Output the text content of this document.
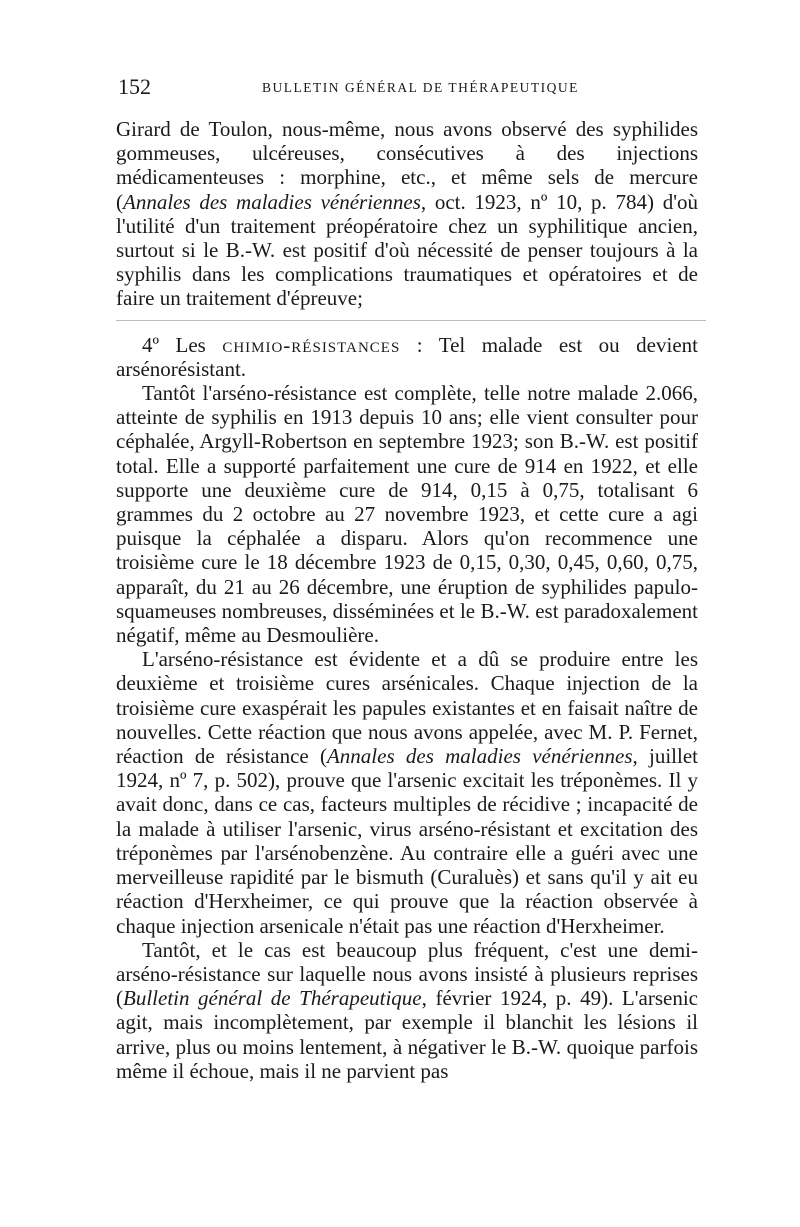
152	BULLETIN GÉNÉRAL DE THÉRAPEUTIQUE

Girard de Toulon, nous-même, nous avons observé des syphilides gommeuses, ulcéreuses, consécutives à des injections médicamenteuses : morphine, etc., et même sels de mercure (Annales des maladies vénériennes, oct. 1923, nº 10, p. 784) d'où l'utilité d'un traitement préopératoire chez un syphilitique ancien, surtout si le B.-W. est positif d'où nécessité de penser toujours à la syphilis dans les complications traumatiques et opératoires et de faire un traitement d'épreuve;

4º Les chimio-résistances : Tel malade est ou devient arsénorésistant.

Tantôt l'arséno-résistance est complète, telle notre malade 2.066, atteinte de syphilis en 1913 depuis 10 ans; elle vient consulter pour céphalée, Argyll-Robertson en septembre 1923; son B.-W. est positif total. Elle a supporté parfaitement une cure de 914 en 1922, et elle supporte une deuxième cure de 914, 0,15 à 0,75, totalisant 6 grammes du 2 octobre au 27 novembre 1923, et cette cure a agi puisque la céphalée a disparu. Alors qu'on recommence une troisième cure le 18 décembre 1923 de 0,15, 0,30, 0,45, 0,60, 0,75, apparaît, du 21 au 26 décembre, une éruption de syphilides papulo-squameuses nombreuses, disséminées et le B.-W. est paradoxalement négatif, même au Desmoulière.

L'arséno-résistance est évidente et a dû se produire entre les deuxième et troisième cures arsénicales. Chaque injection de la troisième cure exaspérait les papules existantes et en faisait naître de nouvelles. Cette réaction que nous avons appelée, avec M. P. Fernet, réaction de résistance (Annales des maladies vénériennes, juillet 1924, nº 7, p. 502), prouve que l'arsenic excitait les tréponèmes. Il y avait donc, dans ce cas, facteurs multiples de récidive ; incapacité de la malade à utiliser l'arsenic, virus arséno-résistant et excitation des tréponèmes par l'arsénobenzène. Au contraire elle a guéri avec une merveilleuse rapidité par le bismuth (Curaluès) et sans qu'il y ait eu réaction d'Herxheimer, ce qui prouve que la réaction observée à chaque injection arsenicale n'était pas une réaction d'Herxheimer.

Tantôt, et le cas est beaucoup plus fréquent, c'est une demi-arséno-résistance sur laquelle nous avons insisté à plusieurs reprises (Bulletin général de Thérapeutique, février 1924, p. 49). L'arsenic agit, mais incomplètement, par exemple il blanchit les lésions il arrive, plus ou moins lentement, à négativer le B.-W. quoique parfois même il échoue, mais il ne parvient pas
